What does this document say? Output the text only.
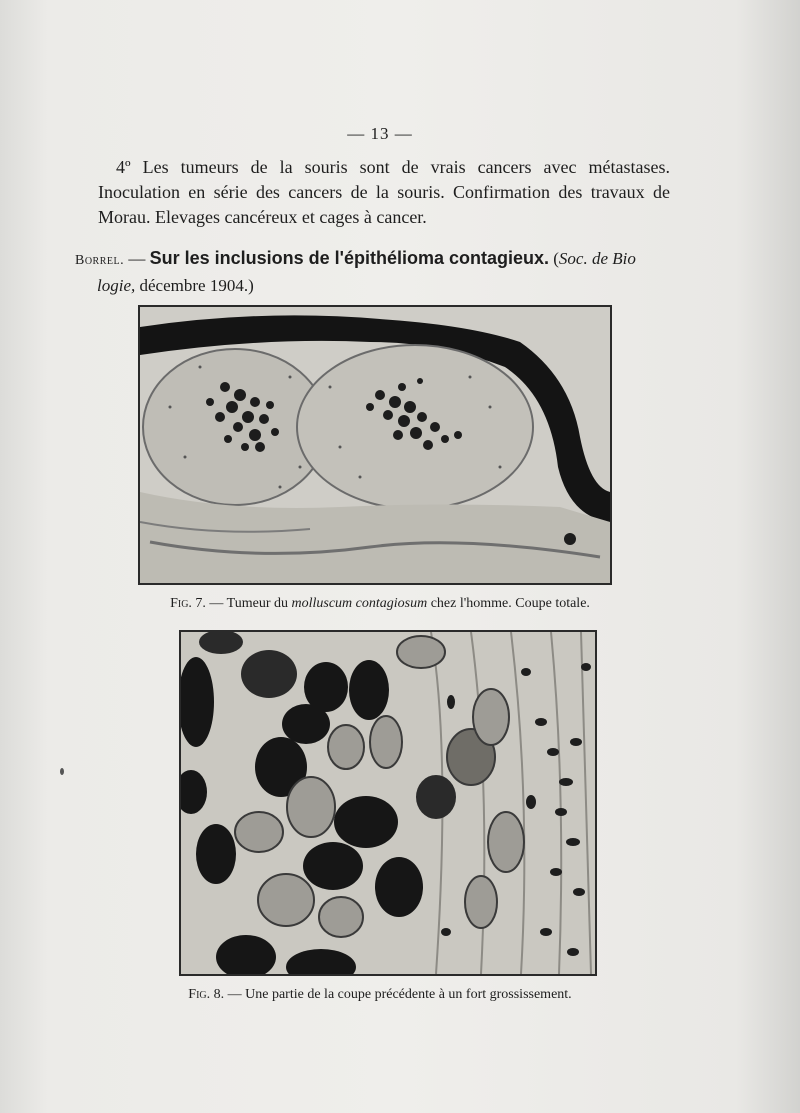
— 13 —

4º Les tumeurs de la souris sont de vrais cancers avec métastases. Inoculation en série des cancers de la souris. Confirmation des travaux de Morau. Elevages cancéreux et cages à cancer.

Borrel. — Sur les inclusions de l'épithélioma contagieux. (Soc. de Bio
logie, décembre 1904.)
Fig. 7. — Tumeur du molluscum contagiosum chez l'homme. Coupe totale.
Fig. 8. — Une partie de la coupe précédente à un fort grossissement.
